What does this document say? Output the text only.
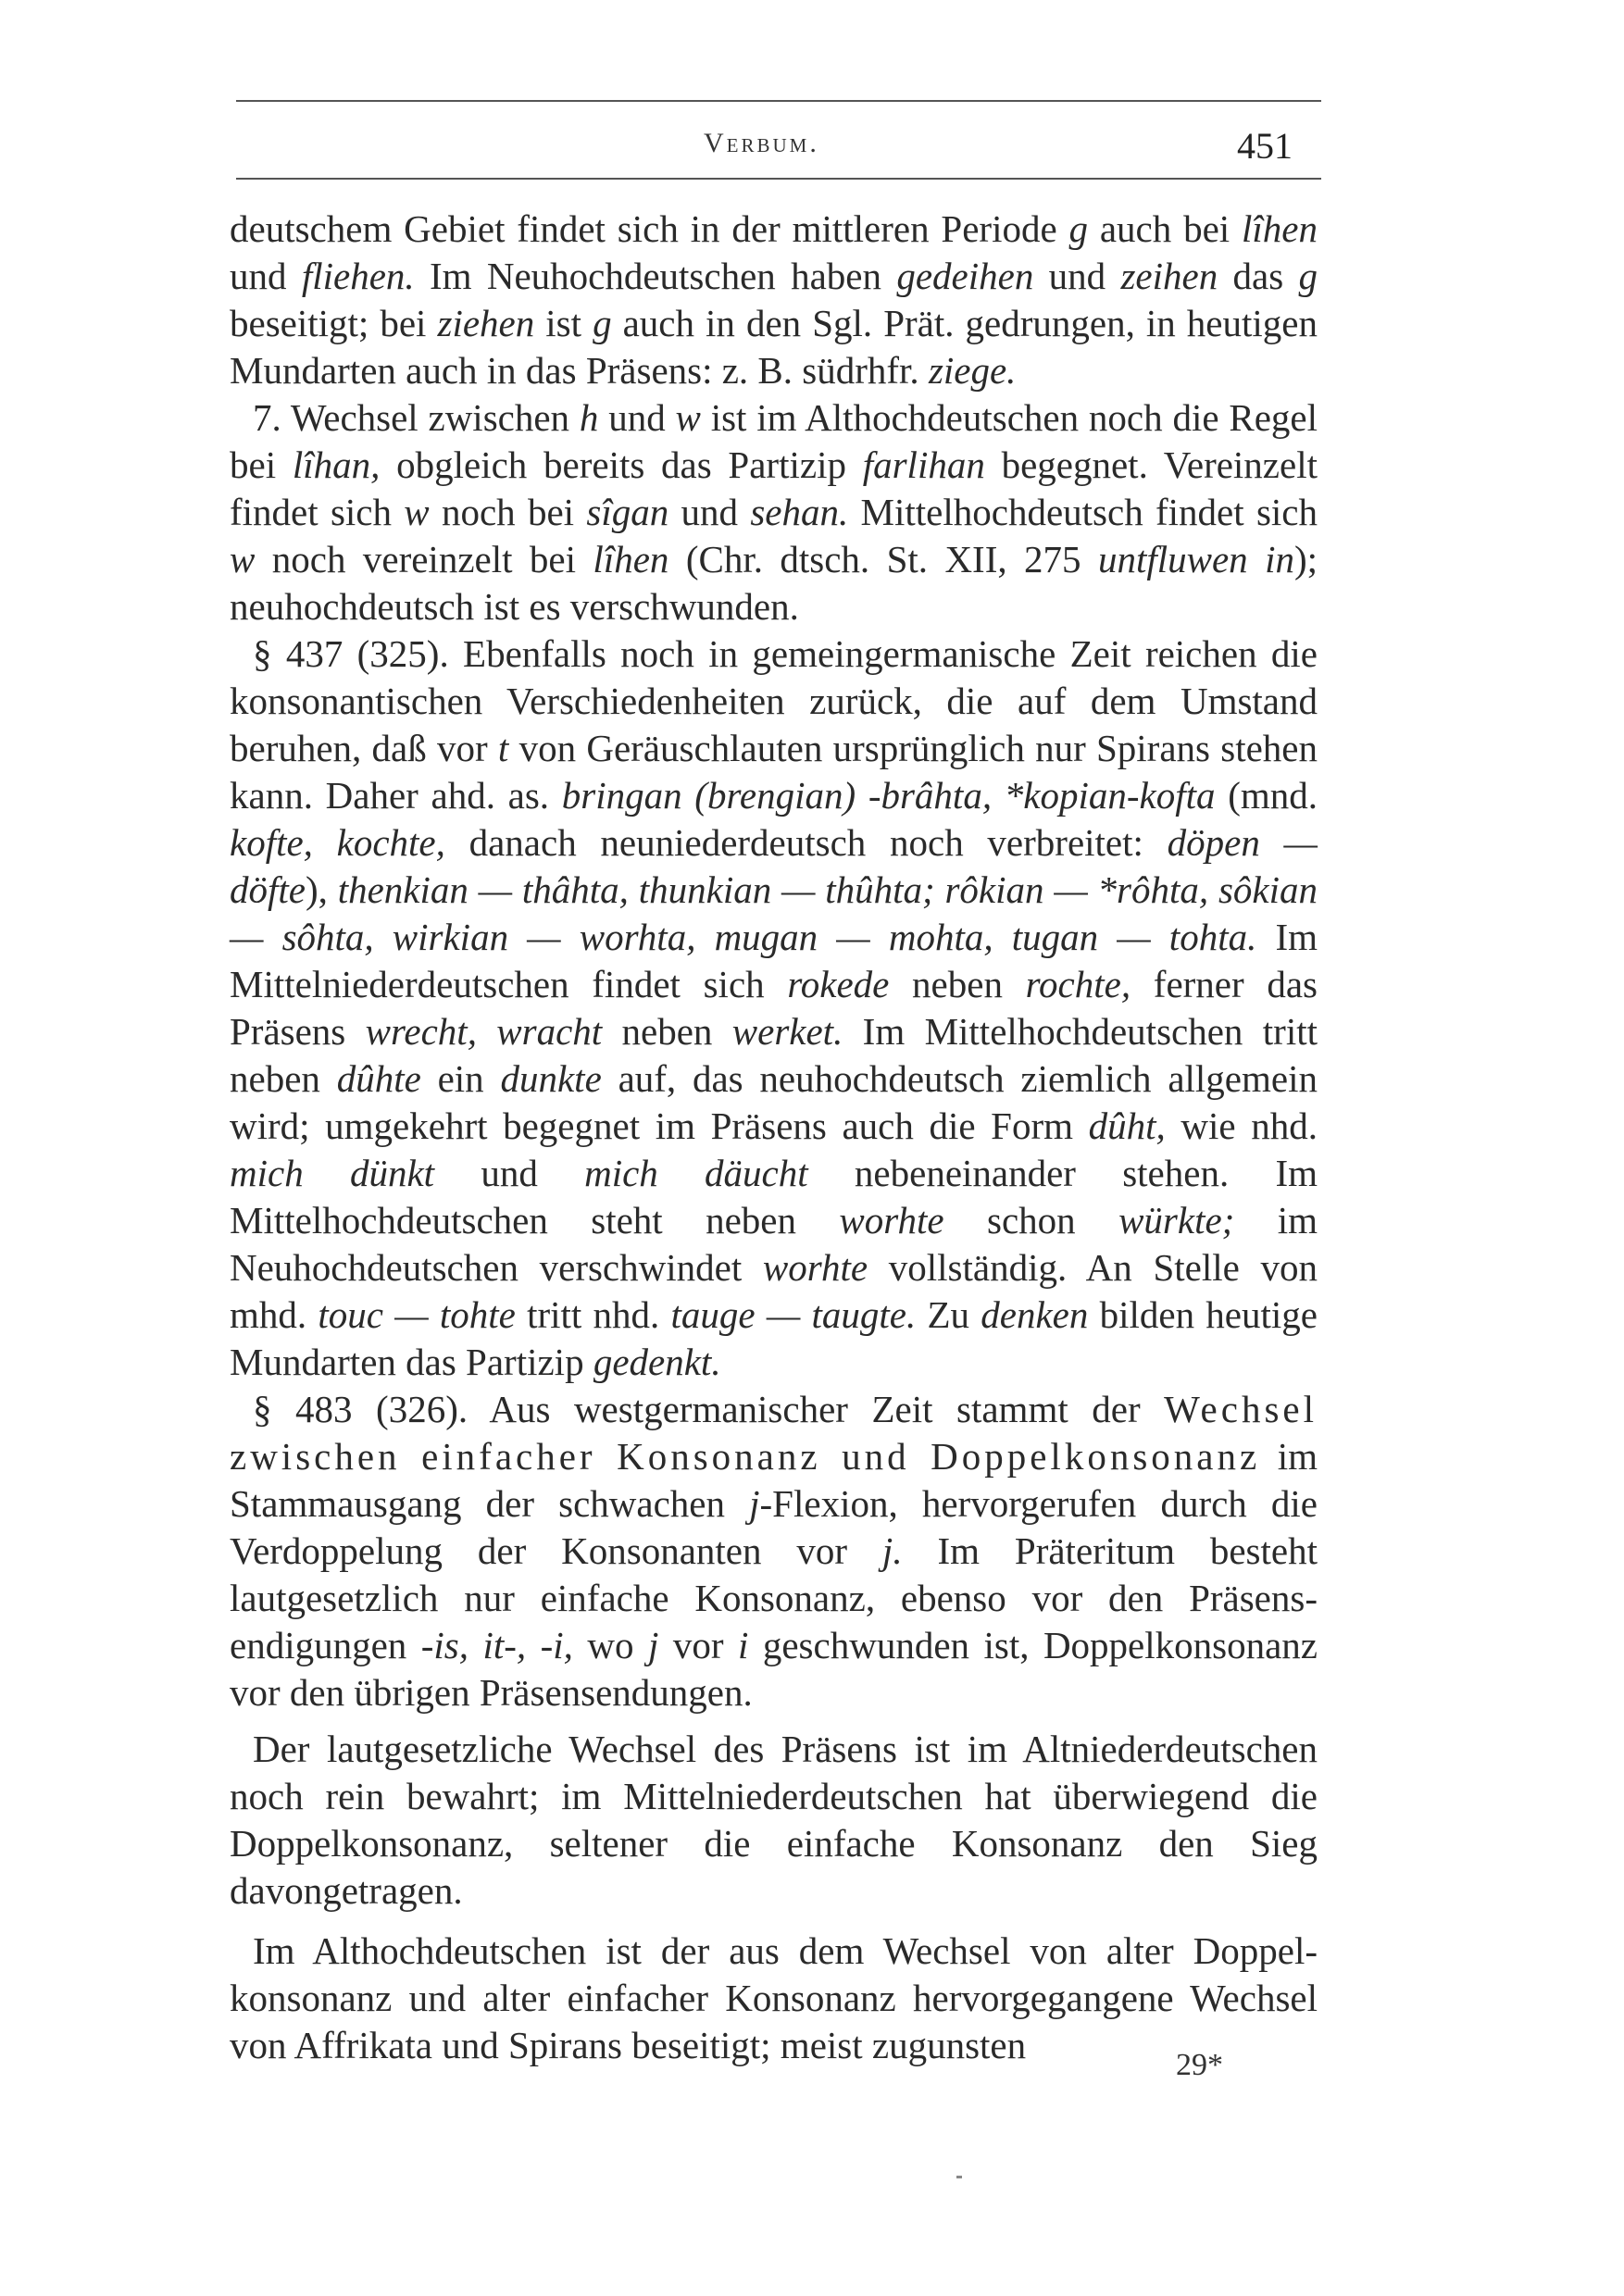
Verbum.	451

deutschem Gebiet findet sich in der mittleren Periode g auch bei lîhen und fliehen. Im Neuhochdeutschen haben gedeihen und zeihen das g beseitigt; bei ziehen ist g auch in den Sgl. Prät. gedrungen, in heutigen Mundarten auch in das Präsens: z. B. südrhfr. ziege.

7. Wechsel zwischen h und w ist im Althochdeutschen noch die Regel bei lîhan, obgleich bereits das Partizip farlihan begegnet. Vereinzelt findet sich w noch bei sîgan und sehan. Mittelhochdeutsch findet sich w noch vereinzelt bei lîhen (Chr. dtsch. St. XII, 275 untfluwen in); neuhochdeutsch ist es verschwunden.

§ 437 (325). Ebenfalls noch in gemeingermanische Zeit reichen die konsonantischen Verschiedenheiten zurück, die auf dem Umstand beruhen, daß vor t von Geräuschlauten ursprünglich nur Spirans stehen kann. Daher ahd. as. bringan (brengian) -brâhta, *kopian-kofta (mnd. kofte, kochte, danach neuniederdeutsch noch verbreitet: döpen — döfte), thenkian — thâhta, thunkian — thûhta; rôkian — *rôhta, sôkian — sôhta, wirkian — worhta, mugan — mohta, tugan — tohta. Im Mittelniederdeutschen findet sich rokede neben rochte, ferner das Präsens wrecht, wracht neben werket. Im Mittelhochdeutschen tritt neben dûhte ein dunkte auf, das neuhochdeutsch ziemlich allgemein wird; umgekehrt begegnet im Präsens auch die Form dûht, wie nhd. mich dünkt und mich däucht nebeneinander stehen. Im Mittelhochdeutschen steht neben worhte schon würkte; im Neuhochdeutschen verschwindet worhte vollständig. An Stelle von mhd. touc — tohte tritt nhd. tauge — taugte. Zu denken bilden heutige Mundarten das Partizip gedenkt.

§ 483 (326). Aus westgermanischer Zeit stammt der Wechsel zwischen einfacher Konsonanz und Doppelkonsonanz im Stammausgang der schwachen j-Flexion, hervorgerufen durch die Verdoppelung der Konsonanten vor j. Im Präteritum besteht lautgesetzlich nur einfache Konsonanz, ebenso vor den Präsensendigungen -is, it-, -i, wo j vor i geschwunden ist, Doppelkonsonanz vor den übrigen Präsensendungen.

Der lautgesetzliche Wechsel des Präsens ist im Altniederdeutschen noch rein bewahrt; im Mittelniederdeutschen hat überwiegend die Doppelkonsonanz, seltener die einfache Konsonanz den Sieg davongetragen.

Im Althochdeutschen ist der aus dem Wechsel von alter Doppelkonsonanz und alter einfacher Konsonanz hervorgegangene Wechsel von Affrikata und Spirans beseitigt; meist zugunsten	29*
